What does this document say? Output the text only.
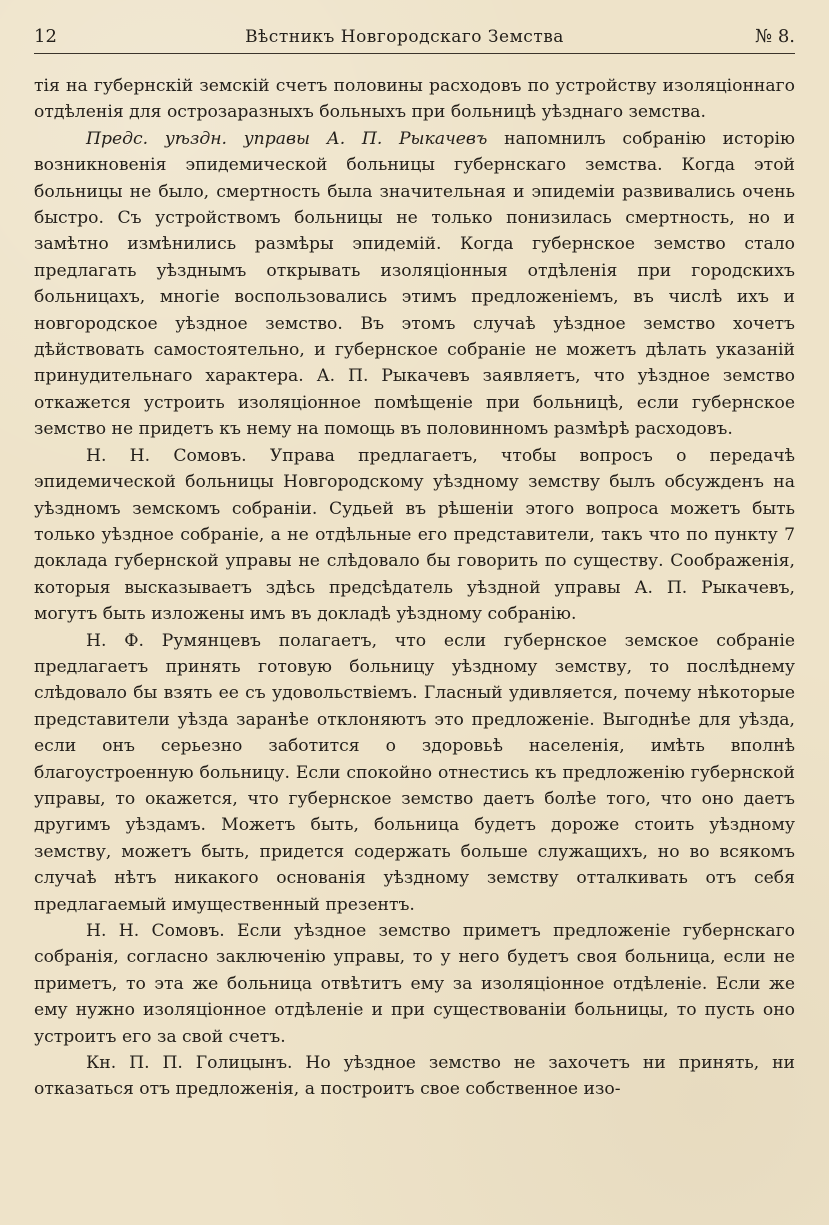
12	Вѣстникъ Новгородскаго Земства	№ 8.

тія на губернскій земскій счетъ половины расходовъ по устройству изоляціоннаго отдѣленія для острозаразныхъ больныхъ при больницѣ уѣзднаго земства.

Предс. уѣздн. управы А. П. Рыкачевъ напомнилъ собранію исторію возникновенія эпидемической больницы губернскаго земства. Когда этой больницы не было, смертность была значительная и эпидеміи развивались очень быстро. Съ устройствомъ больницы не только понизилась смертность, но и замѣтно измѣнились размѣры эпидемій. Когда губернское земство стало предлагать уѣзднымъ открывать изоляціонныя отдѣленія при городскихъ больницахъ, многіе воспользовались этимъ предложеніемъ, въ числѣ ихъ и новгородское уѣздное земство. Въ этомъ случаѣ уѣздное земство хочетъ дѣйствовать самостоятельно, и губернское собраніе не можетъ дѣлать указаній принудительнаго характера. А. П. Рыкачевъ заявляетъ, что уѣздное земство откажется устроить изоляціонное помѣщеніе при больницѣ, если губернское земство не придетъ къ нему на помощь въ половинномъ размѣрѣ расходовъ.

Н. Н. Сомовъ. Управа предлагаетъ, чтобы вопросъ о передачѣ эпидемической больницы Новгородскому уѣздному земству былъ обсужденъ на уѣздномъ земскомъ собраніи. Судьей въ рѣшеніи этого вопроса можетъ быть только уѣздное собраніе, а не отдѣльные его представители, такъ что по пункту 7 доклада губернской управы не слѣдовало бы говорить по существу. Соображенія, которыя высказываетъ здѣсь предсѣдатель уѣздной управы А. П. Рыкачевъ, могутъ быть изложены имъ въ докладѣ уѣздному собранію.

Н. Ф. Румянцевъ полагаетъ, что если губернское земское собраніе предлагаетъ принять готовую больницу уѣздному земству, то послѣднему слѣдовало бы взять ее съ удовольствіемъ. Гласный удивляется, почему нѣкоторые представители уѣзда заранѣе отклоняютъ это предложеніе. Выгоднѣе для уѣзда, если онъ серьезно заботится о здоровьѣ населенія, имѣть вполнѣ благоустроенную больницу. Если спокойно отнестись къ предложенію губернской управы, то окажется, что губернское земство даетъ болѣе того, что оно даетъ другимъ уѣздамъ. Можетъ быть, больница будетъ дороже стоить уѣздному земству, можетъ быть, придется содержать больше служащихъ, но во всякомъ случаѣ нѣтъ никакого основанія уѣздному земству отталкивать отъ себя предлагаемый имущественный презентъ.

Н. Н. Сомовъ. Если уѣздное земство приметъ предложеніе губернскаго собранія, согласно заключенію управы, то у него будетъ своя больница, если не приметъ, то эта же больница отвѣтитъ ему за изоляціонное отдѣленіе. Если же ему нужно изоляціонное отдѣленіе и при существованіи больницы, то пусть оно устроитъ его за свой счетъ.

Кн. П. П. Голицынъ. Но уѣздное земство не захочетъ ни принять, ни отказаться отъ предложенія, а построитъ свое собственное изо-
